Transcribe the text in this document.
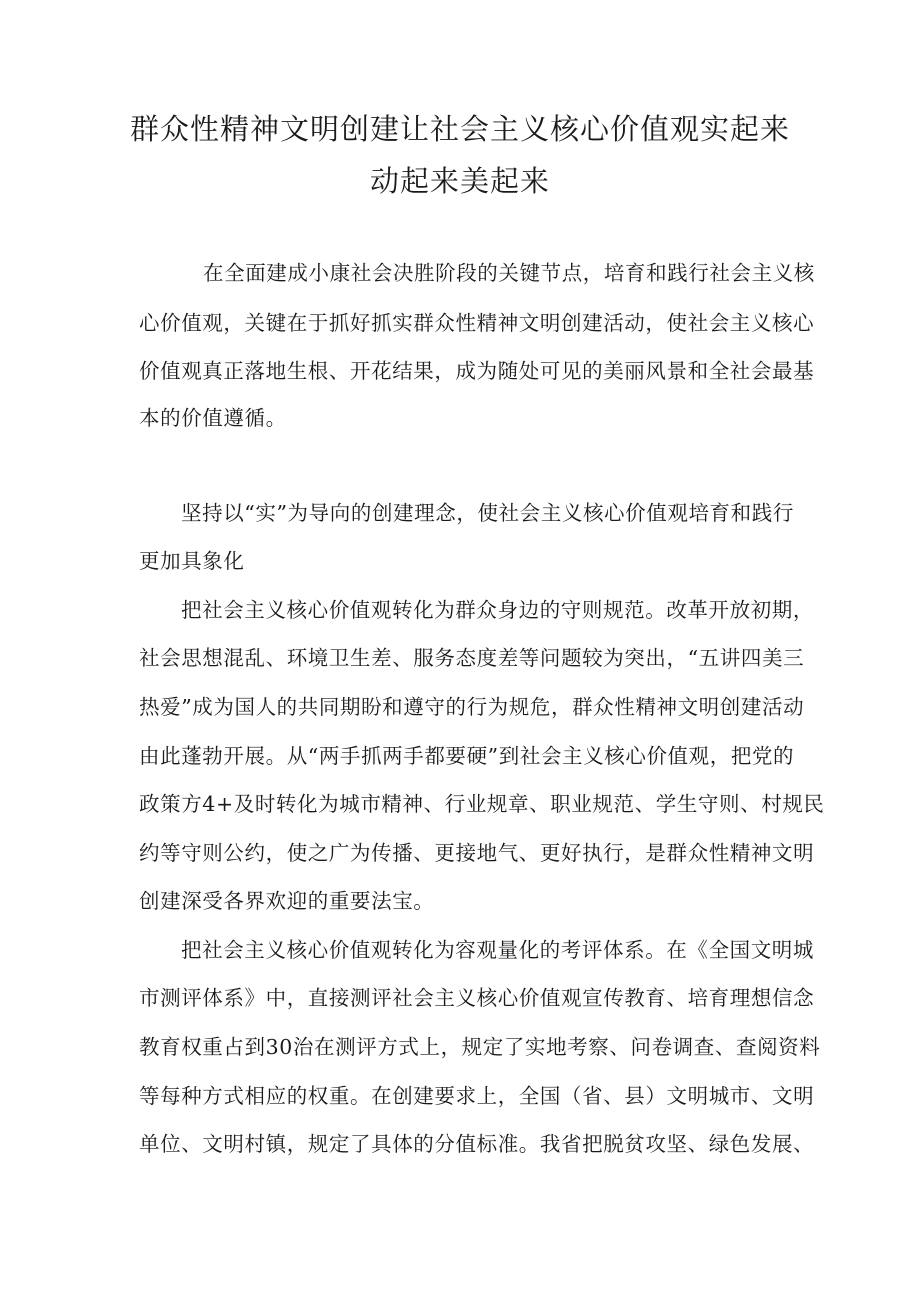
群众性精神文明创建让社会主义核心价值观实起来
动起来美起来
在全面建成小康社会决胜阶段的关键节点，培育和践行社会主义核
心价值观，关键在于抓好抓实群众性精神文明创建活动，使社会主义核心
价值观真正落地生根、开花结果，成为随处可见的美丽风景和全社会最基
本的价值遵循。
坚持以“实”为导向的创建理念，使社会主义核心价值观培育和践行
更加具象化
把社会主义核心价值观转化为群众身边的守则规范。改革开放初期，
社会思想混乱、环境卫生差、服务态度差等问题较为突出，“五讲四美三
热爱”成为国人的共同期盼和遵守的行为规危，群众性精神文明创建活动
由此蓬勃开展。从“两手抓两手都要硬”到社会主义核心价值观，把党的
政策方4+及时转化为城市精神、行业规章、职业规范、学生守则、村规民
约等守则公约，使之广为传播、更接地气、更好执行，是群众性精神文明
创建深受各界欢迎的重要法宝。
把社会主义核心价值观转化为容观量化的考评体系。在《全国文明城
市测评体系》中，直接测评社会主义核心价值观宣传教育、培育理想信念
教育权重占到30治在测评方式上，规定了实地考察、问卷调查、查阅资料
等每种方式相应的权重。在创建要求上，全国（省、县）文明城市、文明
单位、文明村镇，规定了具体的分值标准。我省把脱贫攻坚、绿色发展、
